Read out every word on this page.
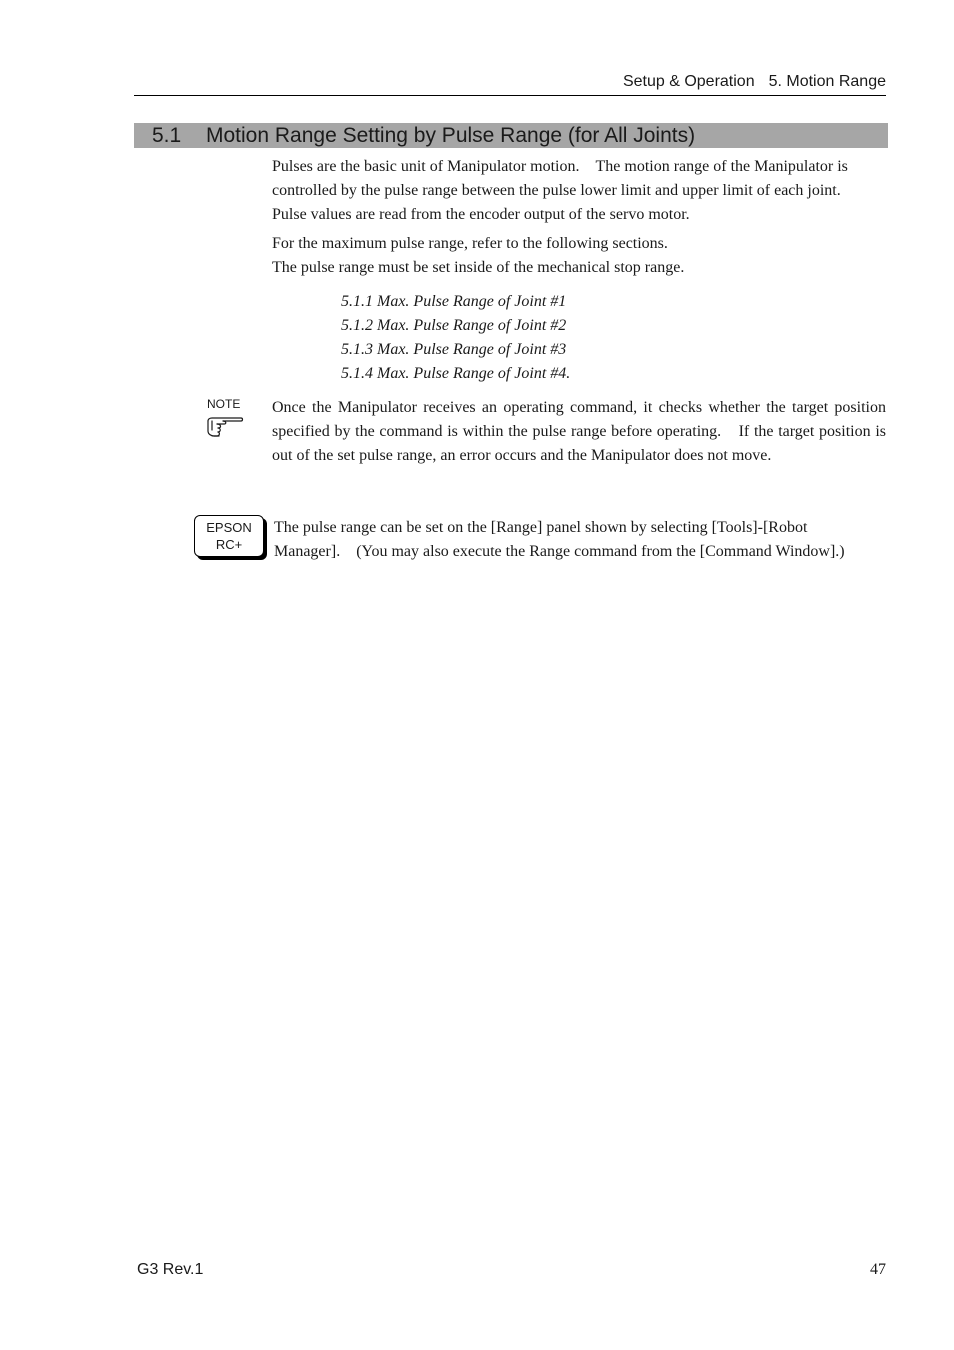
Setup & Operation 5. Motion Range
5.1 Motion Range Setting by Pulse Range (for All Joints)
Pulses are the basic unit of Manipulator motion.　The motion range of the Manipulator is
controlled by the pulse range between the pulse lower limit and upper limit of each joint.
Pulse values are read from the encoder output of the servo motor.
For the maximum pulse range, refer to the following sections.
The pulse range must be set inside of the mechanical stop range.
5.1.1 Max. Pulse Range of Joint #1
5.1.2 Max. Pulse Range of Joint #2
5.1.3 Max. Pulse Range of Joint #3
5.1.4 Max. Pulse Range of Joint #4.
NOTE Once the Manipulator receives an operating command, it checks whether the target position specified by the command is within the pulse range before operating.　If the target position is out of the set pulse range, an error occurs and the Manipulator does not move.
EPSON
RC+
The pulse range can be set on the [Range] panel shown by selecting [Tools]-[Robot
Manager].　(You may also execute the Range command from the [Command Window].)
G3 Rev.1	47
